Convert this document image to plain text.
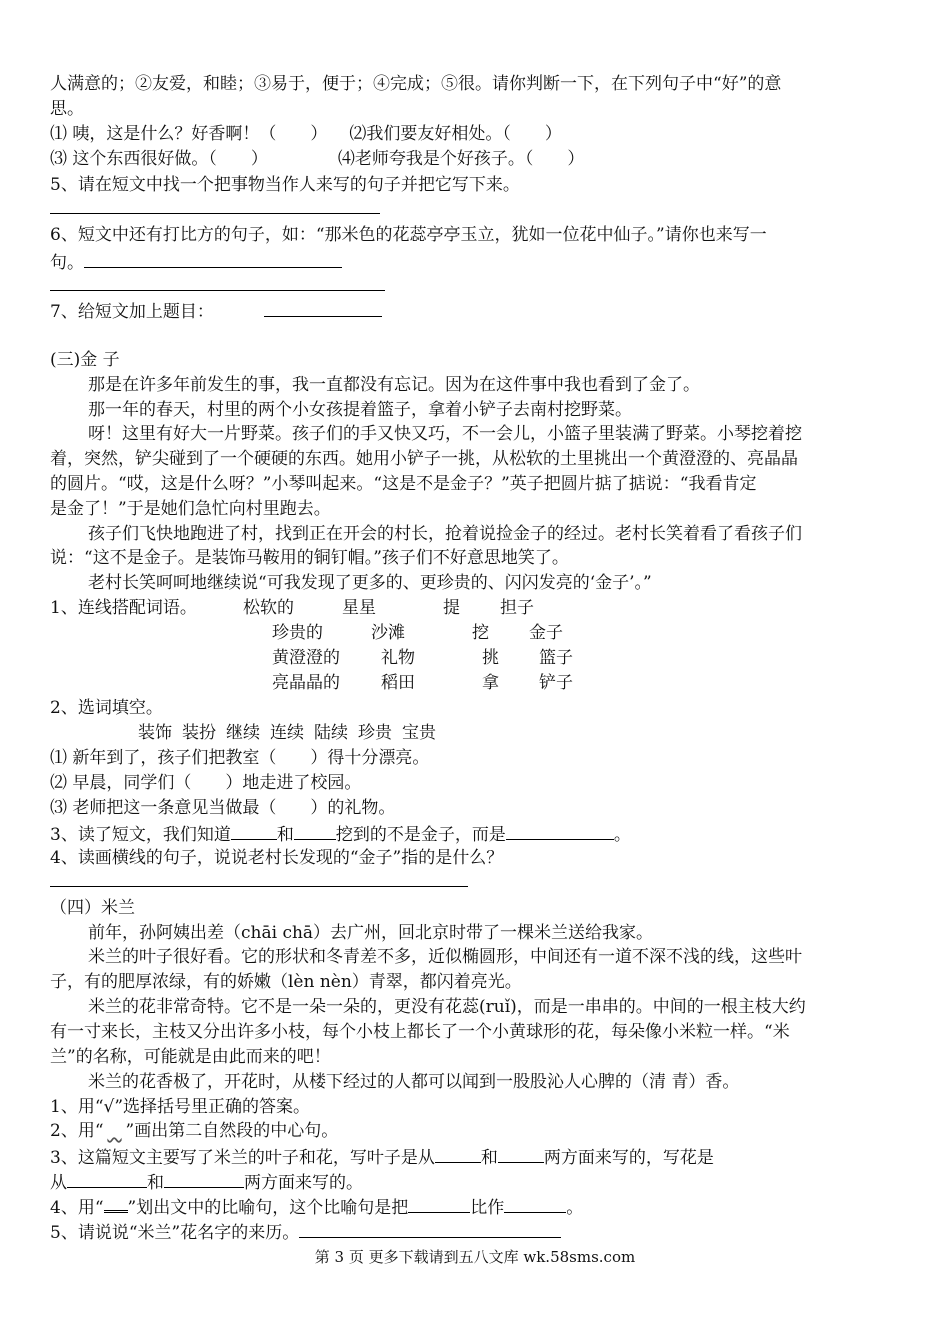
人满意的；②友爱，和睦；③易于，便于；④完成；⑤很。请你判断一下，在下列句子中“好”的意
思。
⑴ 咦，这是什么？好香啊！（　　） ⑵我们要友好相处。（　　）
⑶ 这个东西很好做。（　　）	⑷老师夸我是个好孩子。（　　）
5、请在短文中找一个把事物当作人来写的句子并把它写下来。
6、短文中还有打比方的句子，如：“那米色的花蕊亭亭玉立，犹如一位花中仙子。”请你也来写一
句。
7、给短文加上题目：
(三)金 子
那是在许多年前发生的事，我一直都没有忘记。因为在这件事中我也看到了金了。
那一年的春天，村里的两个小女孩提着篮子，拿着小铲子去南村挖野菜。
呀！这里有好大一片野菜。孩子们的手又快又巧，不一会儿，小篮子里装满了野菜。小琴挖着挖
着，突然，铲尖碰到了一个硬硬的东西。她用小铲子一挑，从松软的土里挑出一个黄澄澄的、亮晶晶
的圆片。“哎，这是什么呀？”小琴叫起来。“这是不是金子？”英子把圆片掂了掂说：“我看肯定
是金了！”于是她们急忙向村里跑去。
孩子们飞快地跑进了村，找到正在开会的村长，抢着说捡金子的经过。老村长笑着看了看孩子们
说：“这不是金子。是装饰马鞍用的铜钉帽。”孩子们不好意思地笑了。
老村长笑呵呵地继续说“可我发现了更多的、更珍贵的、闪闪发亮的‘金子’。”
1、连线搭配词语。	松软的	星星	提 担子
珍贵的	沙滩	挖 金子
黄澄澄的 礼物	挑 篮子
亮晶晶的 稻田	拿 铲子
2、选词填空。
装饰 装扮 继续 连续 陆续 珍贵 宝贵
⑴ 新年到了，孩子们把教室（　　）得十分漂亮。
⑵ 早晨，同学们（　　）地走进了校园。
⑶ 老师把这一条意见当做最（　　）的礼物。
3、读了短文，我们知道	和 挖到的不是金子，而是	。
4、读画横线的句子，说说老村长发现的“金子”指的是什么？
（四）米兰
前年，孙阿姨出差（chāi chā）去广州，回北京时带了一棵米兰送给我家。
米兰的叶子很好看。它的形状和冬青差不多，近似椭圆形，中间还有一道不深不浅的线，这些叶
子，有的肥厚浓绿，有的娇嫩（lèn nèn）青翠，都闪着亮光。
米兰的花非常奇特。它不是一朵一朵的，更没有花蕊(ruǐ)，而是一串串的。中间的一根主枝大约
有一寸来长，主枝又分出许多小枝，每个小枝上都长了一个小黄球形的花，每朵像小米粒一样。“米
兰”的名称，可能就是由此而来的吧！
米兰的花香极了，开花时，从楼下经过的人都可以闻到一股股沁人心脾的（清 青）香。
1、用“√”选择括号里正确的答案。
2、用“ ~ ”画出第二自然段的中心句。
3、这篇短文主要写了米兰的叶子和花，写叶子是从	和	两方面来写的，写花是
从	和	两方面来写的。
4、用“ ”划出文中的比喻句，这个比喻句是把	比作	。
5、请说说“米兰”花名字的来历。
第 3 页 更多下载请到五八文库 wk.58sms.com
